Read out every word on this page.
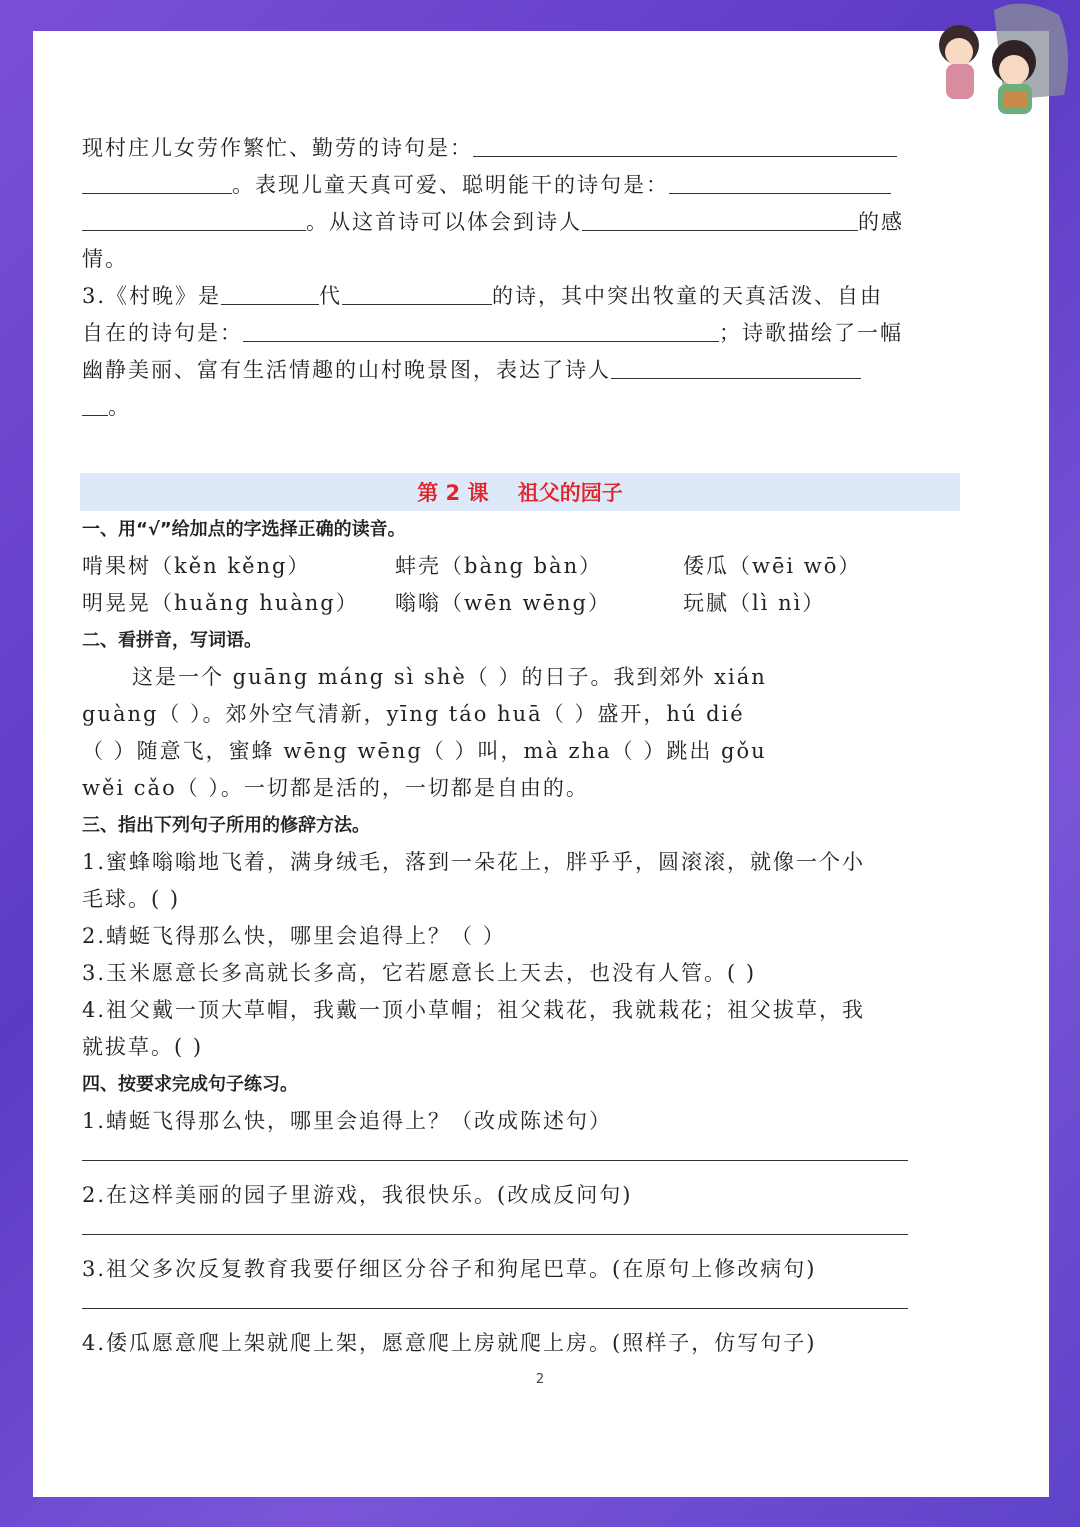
现村庄儿女劳作繁忙、勤劳的诗句是：
。表现儿童天真可爱、聪明能干的诗句是：
。从这首诗可以体会到诗人	的感
情。
3.《村晚》是	代	的诗，其中突出牧童的天真活泼、自由
自在的诗句是：	；诗歌描绘了一幅
幽静美丽、富有生活情趣的山村晚景图，表达了诗人
。
第 2 课 祖父的园子
一、用“√”给加点的字选择正确的读音。
啃果树（kěn kěng）	蚌壳（bàng bàn）	倭瓜（wēi wō）
明晃晃（huǎng huàng）	嗡嗡（wēn wēng）	玩腻（lì nì）
二、看拼音，写词语。
这是一个 guāng máng sì shè（ ）的日子。我到郊外 xián
guàng（ ）。郊外空气清新，yīng táo huā（ ）盛开，hú dié
（ ）随意飞，蜜蜂 wēng wēng（ ）叫，mà zha（ ）跳出 gǒu
wěi cǎo（ ）。一切都是活的，一切都是自由的。
三、指出下列句子所用的修辞方法。
1.蜜蜂嗡嗡地飞着，满身绒毛，落到一朵花上，胖乎乎，圆滚滚，就像一个小
毛球。( )
2.蜻蜓飞得那么快，哪里会追得上？（ ）
3.玉米愿意长多高就长多高，它若愿意长上天去，也没有人管。( )
4.祖父戴一顶大草帽，我戴一顶小草帽；祖父栽花，我就栽花；祖父拔草，我
就拔草。( )
四、按要求完成句子练习。
1.蜻蜓飞得那么快，哪里会追得上？（改成陈述句）
2.在这样美丽的园子里游戏，我很快乐。(改成反问句)
3.祖父多次反复教育我要仔细区分谷子和狗尾巴草。(在原句上修改病句)
4.倭瓜愿意爬上架就爬上架，愿意爬上房就爬上房。(照样子，仿写句子)
2
